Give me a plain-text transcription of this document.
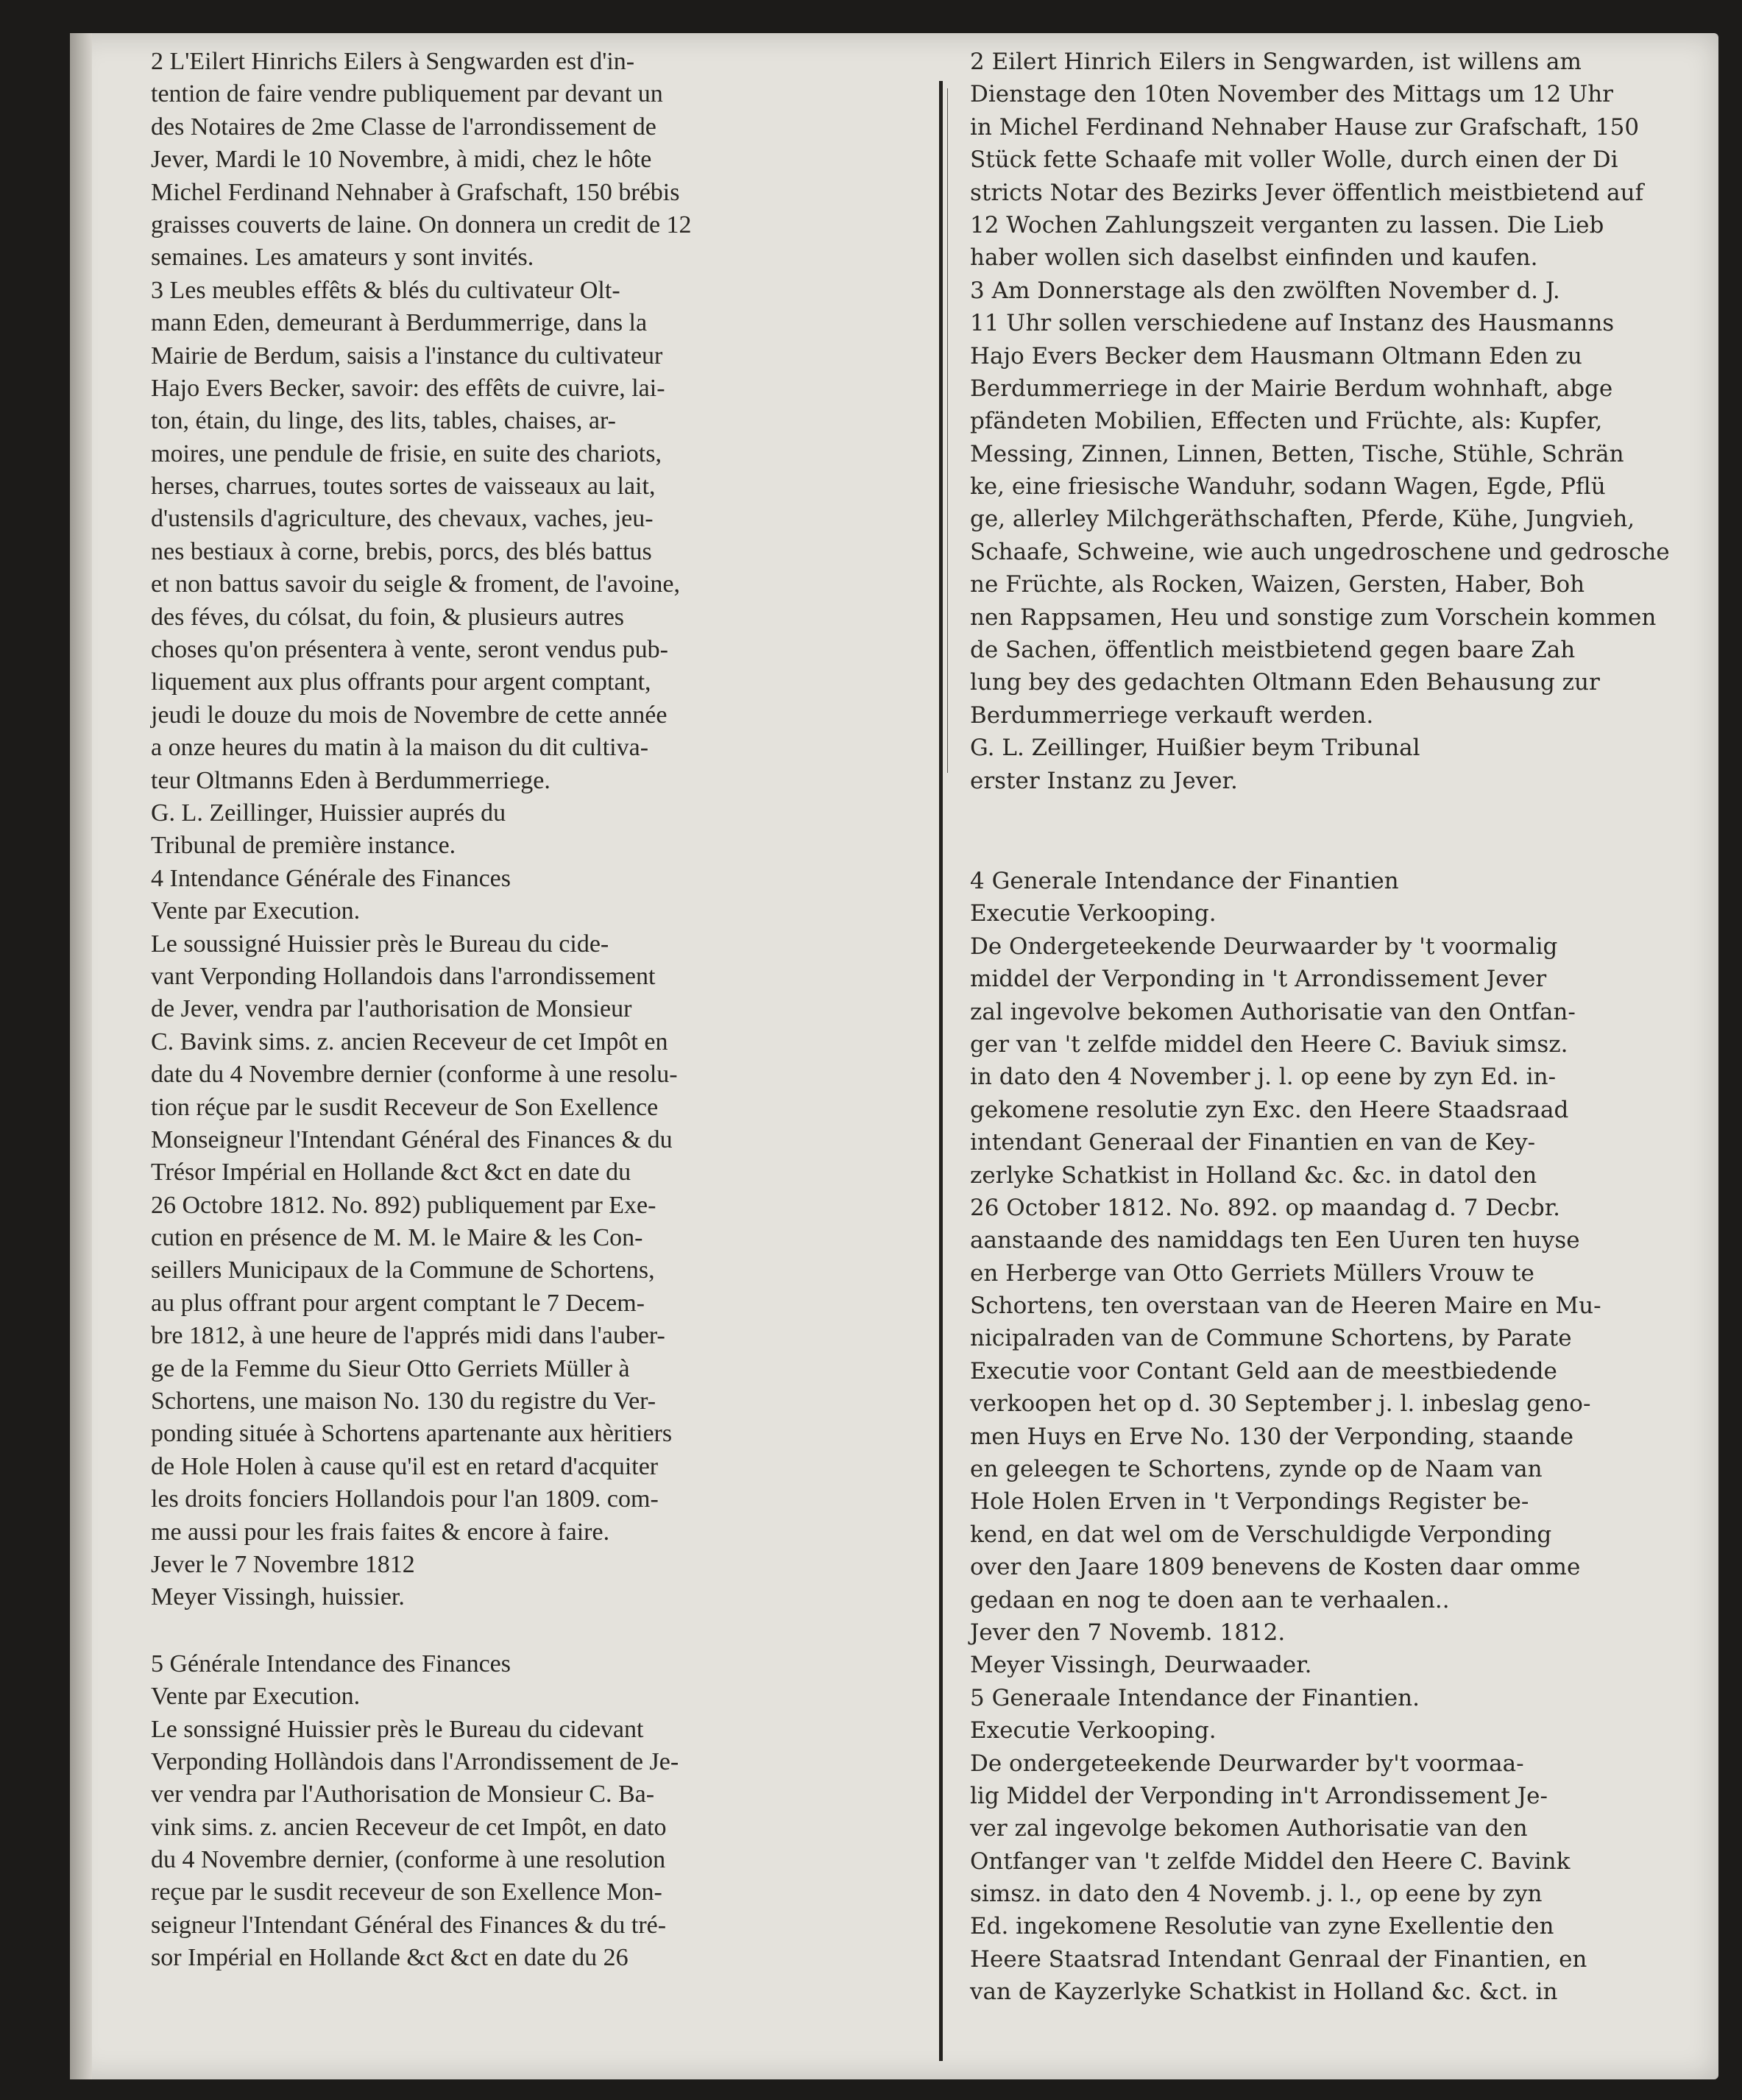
2 L'Eilert Hinrichs Eilers à Sengwarden est d'in-
tention de faire vendre publiquement par devant un
des Notaires de 2me Classe de l'arrondissement de
Jever, Mardi le 10 Novembre, à midi, chez le hôte
Michel Ferdinand Nehnaber à Grafschaft, 150 brébis
graisses couverts de laine. On donnera un credit de 12
semaines. Les amateurs y sont invités.
3 Les meubles effêts & blés du cultivateur Olt-
mann Eden, demeurant à Berdummerrige, dans la
Mairie de Berdum, saisis a l'instance du cultivateur
Hajo Evers Becker, savoir: des effêts de cuivre, lai-
ton, étain, du linge, des lits, tables, chaises, ar-
moires, une pendule de frisie, en suite des chariots,
herses, charrues, toutes sortes de vaisseaux au lait,
d'ustensils d'agriculture, des chevaux, vaches, jeu-
nes bestiaux à corne, brebis, porcs, des blés battus
et non battus savoir du seigle & froment, de l'avoine,
des féves, du cólsat, du foin, & plusieurs autres
choses qu'on présentera à vente, seront vendus pub-
liquement aux plus offrants pour argent comptant,
jeudi le douze du mois de Novembre de cette année
a onze heures du matin à la maison du dit cultiva-
teur Oltmanns Eden à Berdummerriege.
G. L. Zeillinger, Huissier auprés du
Tribunal de première instance.
4 Intendance Générale des Finances
Vente par Execution.
Le soussigné Huissier près le Bureau du cide-
vant Verponding Hollandois dans l'arrondissement
de Jever, vendra par l'authorisation de Monsieur
C. Bavink sims. z. ancien Receveur de cet Impôt en
date du 4 Novembre dernier (conforme à une resolu-
tion réçue par le susdit Receveur de Son Exellence
Monseigneur l'Intendant Général des Finances & du
Trésor Impérial en Hollande &ct &ct en date du
26 Octobre 1812. No. 892) publiquement par Exe-
cution en présence de M. M. le Maire & les Con-
seillers Municipaux de la Commune de Schortens,
au plus offrant pour argent comptant le 7 Decem-
bre 1812, à une heure de l'apprés midi dans l'auber-
ge de la Femme du Sieur Otto Gerriets Müller à
Schortens, une maison No. 130 du registre du Ver-
ponding située à Schortens apartenante aux hèritiers
de Hole Holen à cause qu'il est en retard d'acquiter
les droits fonciers Hollandois pour l'an 1809. com-
me aussi pour les frais faites & encore à faire.
Jever le 7 Novembre 1812
Meyer Vissingh, huissier.
5 Générale Intendance des Finances
Vente par Execution.
Le sonssigné Huissier près le Bureau du cidevant
Verponding Hollàndois dans l'Arrondissement de Je-
ver vendra par l'Authorisation de Monsieur C. Ba-
vink sims. z. ancien Receveur de cet Impôt, en dato
du 4 Novembre dernier, (conforme à une resolution
reçue par le susdit receveur de son Exellence Mon-
seigneur l'Intendant Général des Finances & du tré-
sor Impérial en Hollande &ct &ct en date du 26
2 Eilert Hinrich Eilers in Sengwarden, ist willens am
Dienstage den 10ten November des Mittags um 12 Uhr
in Michel Ferdinand Nehnaber Hause zur Grafschaft, 150
Stück fette Schaafe mit voller Wolle, durch einen der Di
stricts Notar des Bezirks Jever öffentlich meistbietend auf
12 Wochen Zahlungszeit verganten zu lassen. Die Lieb
haber wollen sich daselbst einfinden und kaufen.
3 Am Donnerstage als den zwölften November d. J.
11 Uhr sollen verschiedene auf Instanz des Hausmanns
Hajo Evers Becker dem Hausmann Oltmann Eden zu
Berdummerriege in der Mairie Berdum wohnhaft, abge
pfändeten Mobilien, Effecten und Früchte, als: Kupfer,
Messing, Zinnen, Linnen, Betten, Tische, Stühle, Schrän
ke, eine friesische Wanduhr, sodann Wagen, Egde, Pflü
ge, allerley Milchgeräthschaften, Pferde, Kühe, Jungvieh,
Schaafe, Schweine, wie auch ungedroschene und gedrosche
ne Früchte, als Rocken, Waizen, Gersten, Haber, Boh
nen Rappsamen, Heu und sonstige zum Vorschein kommen
de Sachen, öffentlich meistbietend gegen baare Zah
lung bey des gedachten Oltmann Eden Behausung zur
Berdummerriege verkauft werden.
G. L. Zeillinger, Huißier beym Tribunal
erster Instanz zu Jever.
4 Generale Intendance der Finantien
Executie Verkooping.
De Ondergeteekende Deurwaarder by 't voormalig
middel der Verponding in 't Arrondissement Jever
zal ingevolve bekomen Authorisatie van den Ontfan-
ger van 't zelfde middel den Heere C. Baviuk simsz.
in dato den 4 November j. l. op eene by zyn Ed. in-
gekomene resolutie zyn Exc. den Heere Staadsraad
intendant Generaal der Finantien en van de Key-
zerlyke Schatkist in Holland &c. &c. in datol den
26 October 1812. No. 892. op maandag d. 7 Decbr.
aanstaande des namiddags ten Een Uuren ten huyse
en Herberge van Otto Gerriets Müllers Vrouw te
Schortens, ten overstaan van de Heeren Maire en Mu-
nicipalraden van de Commune Schortens, by Parate
Executie voor Contant Geld aan de meestbiedende
verkoopen het op d. 30 September j. l. inbeslag geno-
men Huys en Erve No. 130 der Verponding, staande
en geleegen te Schortens, zynde op de Naam van
Hole Holen Erven in 't Verpondings Register be-
kend, en dat wel om de Verschuldigde Verponding
over den Jaare 1809 benevens de Kosten daar omme
gedaan en nog te doen aan te verhaalen..
Jever den 7 Novemb. 1812.
Meyer Vissingh, Deurwaader.
5 Generaale Intendance der Finantien.
Executie Verkooping.
De ondergeteekende Deurwarder by't voormaa-
lig Middel der Verponding in't Arrondissement Je-
ver zal ingevolge bekomen Authorisatie van den
Ontfanger van 't zelfde Middel den Heere C. Bavink
simsz. in dato den 4 Novemb. j. l., op eene by zyn
Ed. ingekomene Resolutie van zyne Exellentie den
Heere Staatsrad Intendant Genraal der Finantien, en
van de Kayzerlyke Schatkist in Holland &c. &ct. in
